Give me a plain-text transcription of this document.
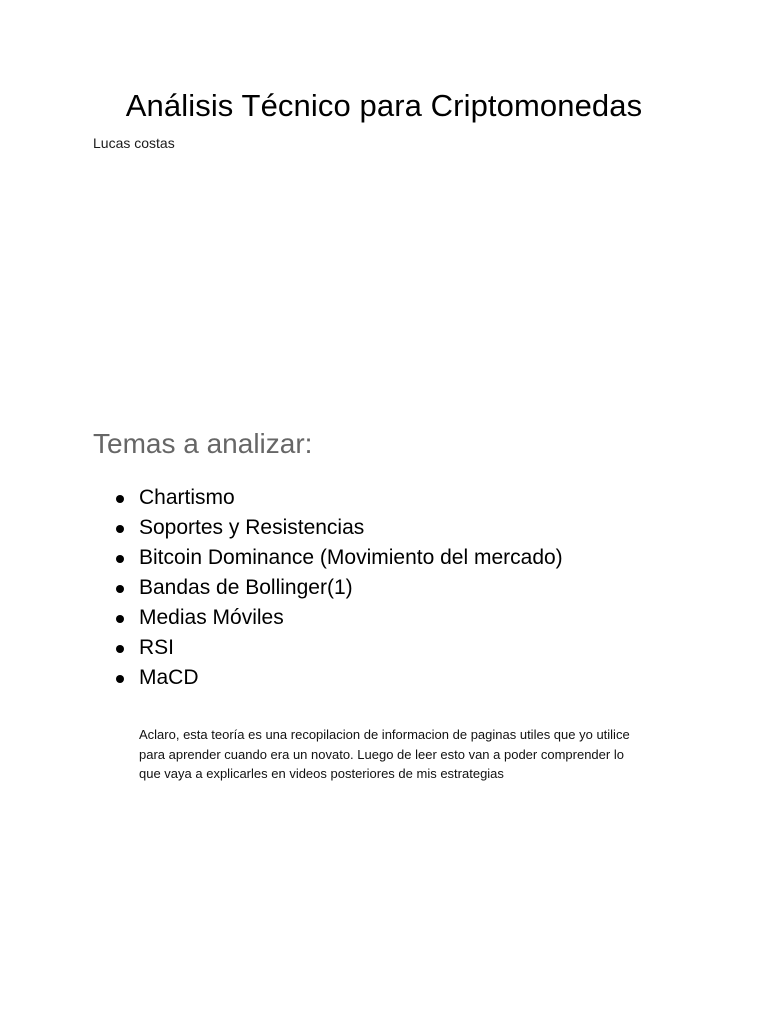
Análisis Técnico para Criptomonedas
Lucas costas
Temas a analizar:
Chartismo
Soportes y Resistencias
Bitcoin Dominance (Movimiento del mercado)
Bandas de Bollinger(1)
Medias Móviles
RSI
MaCD

Aclaro, esta teoría es una recopilacion de informacion de paginas utiles que yo utilice
para aprender cuando era un novato. Luego de leer esto van a poder comprender lo
que vaya a explicarles en videos posteriores de mis estrategias
